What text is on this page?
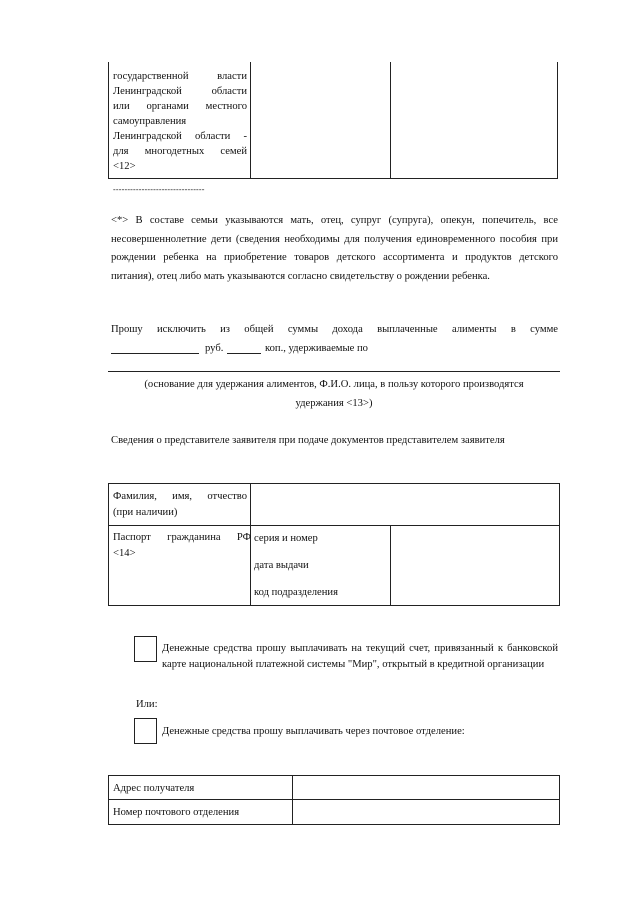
государственной власти
Ленинградской области
или органами местного
самоуправления
Ленинградской области -
для многодетных семей
<12>
--------------------------------
<*> В составе семьи указываются мать, отец, супруг (супруга), опекун, попечитель, все несовершеннолетние дети (сведения необходимы для получения единовременного пособия при рождении ребенка на приобретение товаров детского ассортимента и продуктов детского питания), отец либо мать указываются согласно свидетельству о рождении ребенка.
Прошу исключить из общей суммы дохода выплаченные алименты в сумме
руб.	коп., удерживаемые по
(основание для удержания алиментов, Ф.И.О. лица, в пользу которого производятся
удержания <13>)
Сведения о представителе заявителя при подаче документов представителем заявителя
Фамилия, имя, отчество
(при наличии)
Паспорт гражданина РФ
<14>
серия и номер
дата выдачи
код подразделения
Денежные средства прошу выплачивать на текущий счет, привязанный к банковской карте национальной платежной системы "Мир", открытый в кредитной организации
Или:
Денежные средства прошу выплачивать через почтовое отделение:
Адрес получателя
Номер почтового отделения
